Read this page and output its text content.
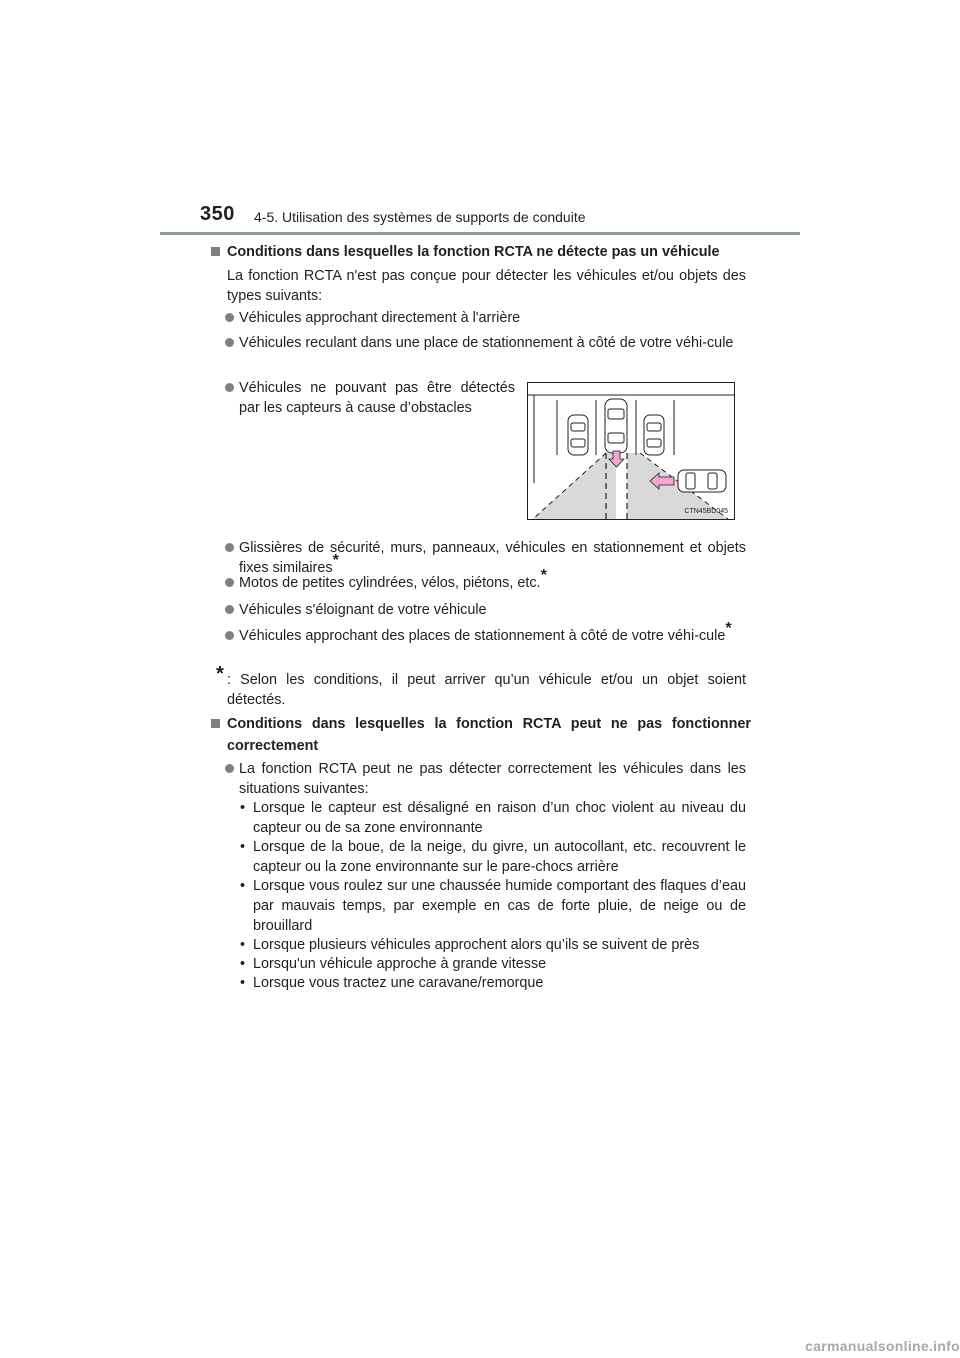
350 4-5. Utilisation des systèmes de supports de conduite
Conditions dans lesquelles la fonction RCTA ne détecte pas un véhicule
La fonction RCTA n'est pas conçue pour détecter les véhicules et/ou objets des types suivants:
Véhicules approchant directement à l'arrière
Véhicules reculant dans une place de stationnement à côté de votre véhi-cule
Véhicules ne pouvant pas être détectés par les capteurs à cause d’obstacles
CTN45BD045
Glissières de sécurité, murs, panneaux, véhicules en stationnement et objets fixes similaires*
Motos de petites cylindrées, vélos, piétons, etc.*
Véhicules s'éloignant de votre véhicule
Véhicules approchant des places de stationnement à côté de votre véhi-cule*
* : Selon les conditions, il peut arriver qu’un véhicule et/ou un objet soient détectés.
Conditions dans lesquelles la fonction RCTA peut ne pas fonctionner correctement
La fonction RCTA peut ne pas détecter correctement les véhicules dans les situations suivantes:
• Lorsque le capteur est désaligné en raison d’un choc violent au niveau du capteur ou de sa zone environnante
• Lorsque de la boue, de la neige, du givre, un autocollant, etc. recouvrent le capteur ou la zone environnante sur le pare-chocs arrière
• Lorsque vous roulez sur une chaussée humide comportant des flaques d’eau par mauvais temps, par exemple en cas de forte pluie, de neige ou de brouillard
• Lorsque plusieurs véhicules approchent alors qu’ils se suivent de près
• Lorsqu'un véhicule approche à grande vitesse
• Lorsque vous tractez une caravane/remorque
carmanualsonline.info
